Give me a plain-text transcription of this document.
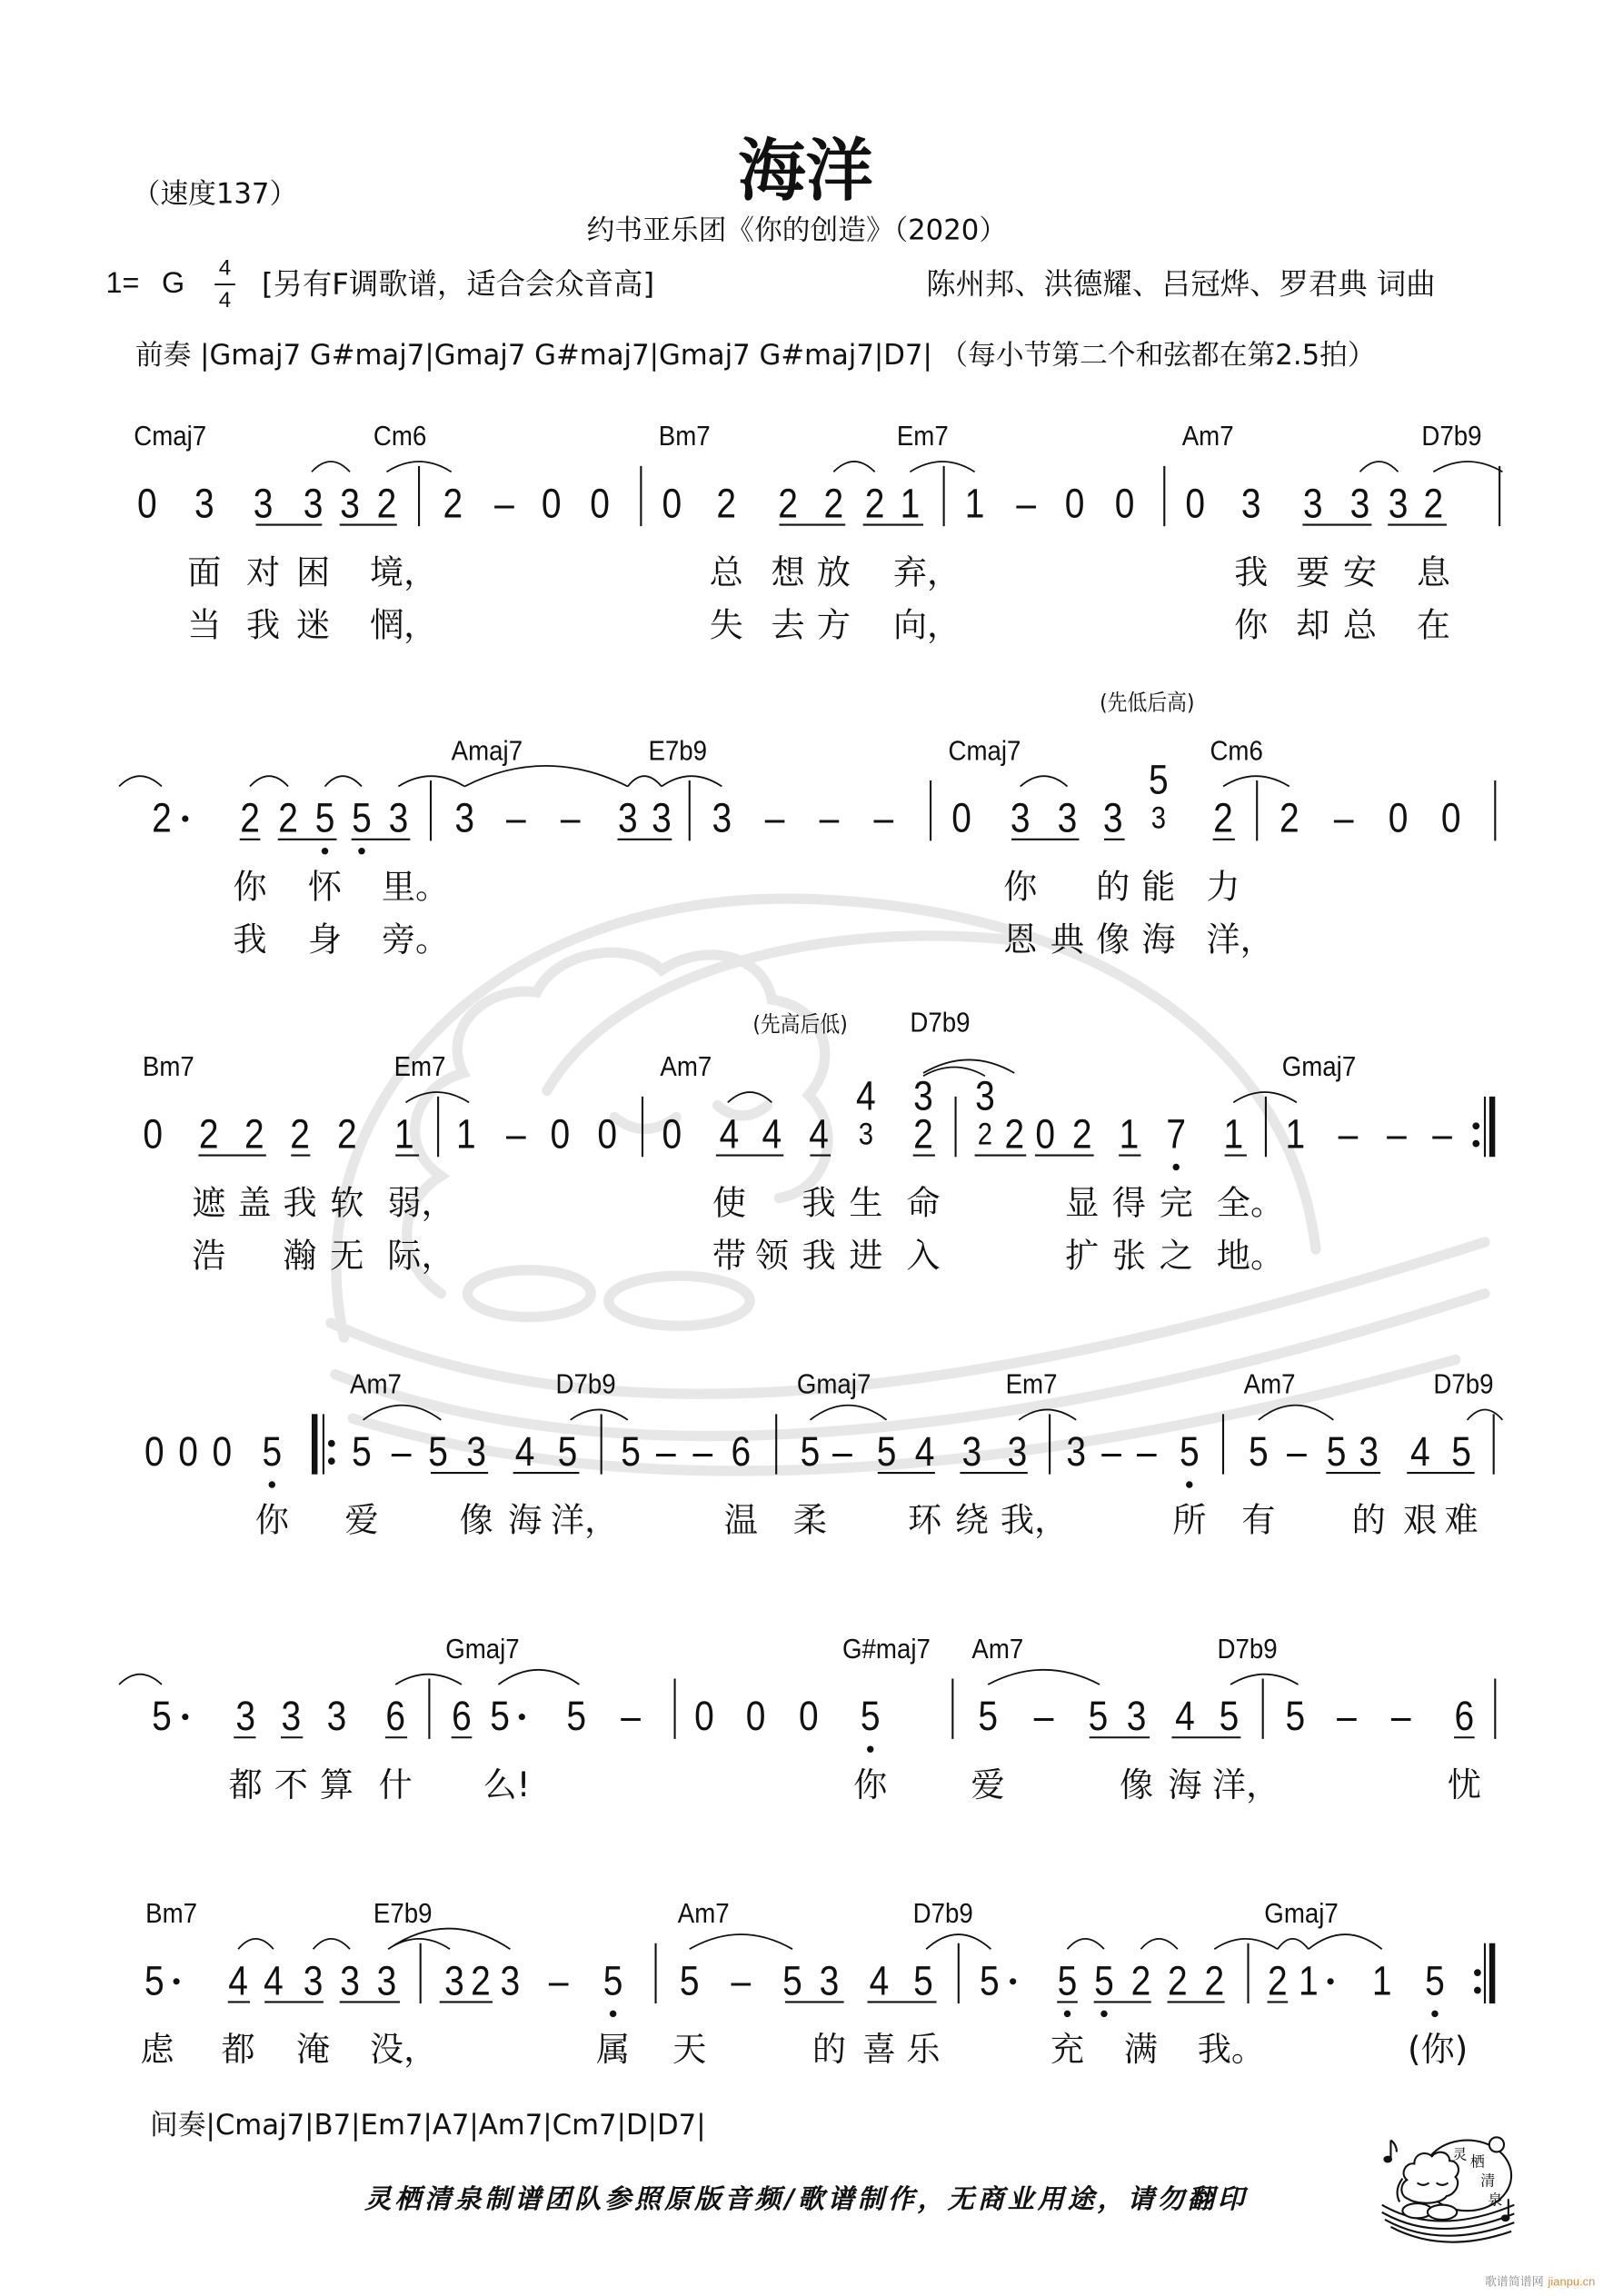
（速度137）	海洋
约书亚乐团《你的创造》（2020）
1= G	4
4 [另有F调歌谱，适合会众音高]	陈州邦、洪德耀、吕冠烨、罗君典 词曲
前奏 |Gmaj7 G#maj7|Gmaj7 G#maj7|Gmaj7 G#maj7|D7| （每小节第二个和弦都在第2.5拍）
Cmaj7	Cm6	Bm7	Em7	Am7	D7b9
0 3 3 3 3 2 2 – 0 0 0 2 2 2 2 1 1 – 0 0 0 3 3 3 3 2
面 对 困 境，	总 想 放 弃，	我 要 安 息
当 我 迷 惘，	失 去 方 向，	你 却 总 在
(先低后高)
Amaj7	E7b9	Cmaj7	Cm6
2	2 2 5 5 3 3 – – 3 3 3 – – – 0 3 3 3 3 2 2 – 0 0
5
你 怀 里。	你	的 能 力
我 身 旁。	恩 典 像 海 洋，
(先高后低)	D7b9
Bm7	Em7	Am7	Gmaj7
0 2 2 2 2 1 1 – 0 0 0 4 4 4 3 2 2 2 0 2 1 7 1 1 – – –
4 3 3
遮 盖 我 软 弱，	使	我 生 命	显 得 完 全。
浩	瀚 无 际，	带 领 我 进 入	扩 张 之 地。
Am7	D7b9	Gmaj7	Em7	Am7	D7b9
0 0 0 5	5 – 5 3 4 5 5 – – 6 5 – 5 4 3 3 3 – – 5 5 – 5 3 4 5
你	爱	像 海 洋，	温 柔	环 绕 我，	所 有	的 艰 难
Gmaj7	G#maj7 Am7	D7b9
5	3 3 3 6 6 5 5 – 0 0 0 5	5 – 5 3 4 5 5 – – 6
都 不 算 什	么!	你	爱	像 海 洋，	忧
Bm7	E7b9	Am7	D7b9	Gmaj7
5	4 4 3 3 3 3 2 3 – 5 5 – 5 3 4 5 5 5 5 2 2 2 2 1 1 5
虑 都 淹 没，	属 天	的 喜 乐	充 满 我。	(你)
间奏|Cmaj7|B7|Em7|A7|Am7|Cm7|D|D7|
灵栖清泉制谱团队参照原版音频/歌谱制作，无商业用途，请勿翻印
灵 栖
清
泉
歌谱简谱网 jianpu.cn
